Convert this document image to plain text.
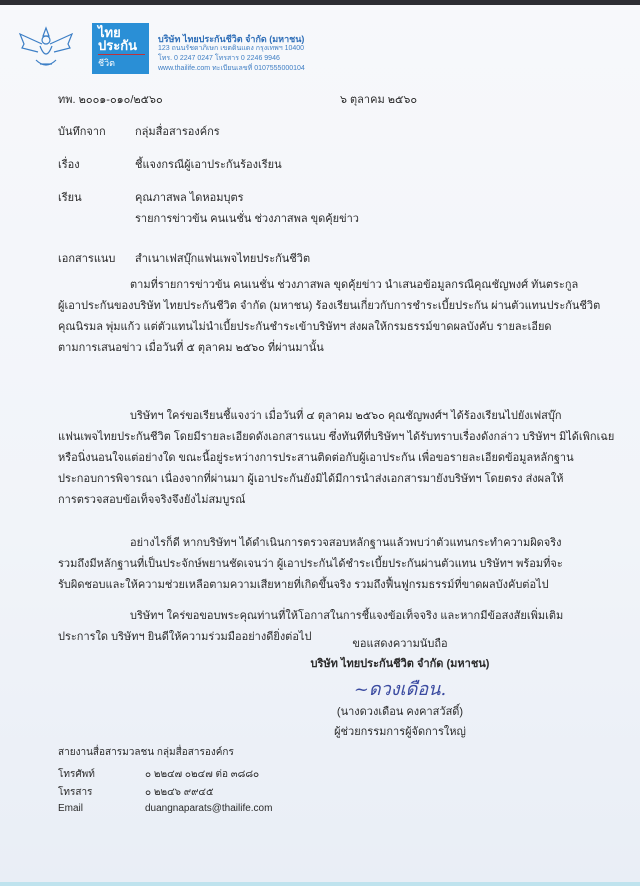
ไทย
ประกัน
ชีวิต
บริษัท ไทยประกันชีวิต จำกัด (มหาชน)
123 ถนนรัชดาภิเษก เขตดินแดง กรุงเทพฯ 10400
โทร. 0 2247 0247 โทรสาร 0 2246 9946
www.thailife.com ทะเบียนเลขที่ 0107555000104
ทพ. ๒๐๐๑-๐๑๐/๒๕๖๐	๖ ตุลาคม ๒๕๖๐
บันทึกจาก	กลุ่มสื่อสารองค์กร
เรื่อง	ชี้แจงกรณีผู้เอาประกันร้องเรียน
เรียน	คุณภาสพล ไดหอมบุตร
รายการข่าวข้น คนเนชั่น ช่วงภาสพล ขุดคุ้ยข่าว
เอกสารแนบ สำเนาเฟสบุ๊กแฟนเพจไทยประกันชีวิต
ตามที่รายการข่าวข้น คนเนชั่น ช่วงภาสพล ขุดคุ้ยข่าว นำเสนอข้อมูลกรณีคุณชัญพงศ์ ทันตระกูล
ผู้เอาประกันของบริษัท ไทยประกันชีวิต จำกัด (มหาชน) ร้องเรียนเกี่ยวกับการชำระเบี้ยประกัน ผ่านตัวแทนประกันชีวิต
คุณนิรมล พุ่มแก้ว แต่ตัวแทนไม่นำเบี้ยประกันชำระเข้าบริษัทฯ ส่งผลให้กรมธรรม์ขาดผลบังคับ รายละเอียด
ตามการเสนอข่าว เมื่อวันที่ ๕ ตุลาคม ๒๕๖๐ ที่ผ่านมานั้น
บริษัทฯ ใคร่ขอเรียนชี้แจงว่า เมื่อวันที่ ๔ ตุลาคม ๒๕๖๐ คุณชัญพงศ์ฯ ได้ร้องเรียนไปยังเฟสบุ๊ก
แฟนเพจไทยประกันชีวิต โดยมีรายละเอียดดังเอกสารแนบ ซึ่งทันทีที่บริษัทฯ ได้รับทราบเรื่องดังกล่าว บริษัทฯ มิได้เพิกเฉย
หรือนิ่งนอนใจแต่อย่างใด ขณะนี้อยู่ระหว่างการประสานติดต่อกับผู้เอาประกัน เพื่อขอรายละเอียดข้อมูลหลักฐาน
ประกอบการพิจารณา เนื่องจากที่ผ่านมา ผู้เอาประกันยังมิได้มีการนำส่งเอกสารมายังบริษัทฯ โดยตรง ส่งผลให้
การตรวจสอบข้อเท็จจริงจึงยังไม่สมบูรณ์
อย่างไรก็ดี หากบริษัทฯ ได้ดำเนินการตรวจสอบหลักฐานแล้วพบว่าตัวแทนกระทำความผิดจริง
รวมถึงมีหลักฐานที่เป็นประจักษ์พยานชัดเจนว่า ผู้เอาประกันได้ชำระเบี้ยประกันผ่านตัวแทน บริษัทฯ พร้อมที่จะ
รับผิดชอบและให้ความช่วยเหลือตามความเสียหายที่เกิดขึ้นจริง รวมถึงฟื้นฟูกรมธรรม์ที่ขาดผลบังคับต่อไป
บริษัทฯ ใคร่ขอขอบพระคุณท่านที่ให้โอกาสในการชี้แจงข้อเท็จจริง และหากมีข้อสงสัยเพิ่มเติม
ประการใด บริษัทฯ ยินดีให้ความร่วมมืออย่างดียิ่งต่อไป
ขอแสดงความนับถือ
บริษัท ไทยประกันชีวิต จำกัด (มหาชน)
~ดวงเดือน.
(นางดวงเดือน คงคาสวัสดิ์)
ผู้ช่วยกรรมการผู้จัดการใหญ่
สายงานสื่อสารมวลชน กลุ่มสื่อสารองค์กร
โทรศัพท์	๐ ๒๒๔๗ ๐๒๔๗ ต่อ ๓๘๘๐
โทรสาร	๐ ๒๒๔๖ ๙๙๔๕
Email	duangnaparats@thailife.com
